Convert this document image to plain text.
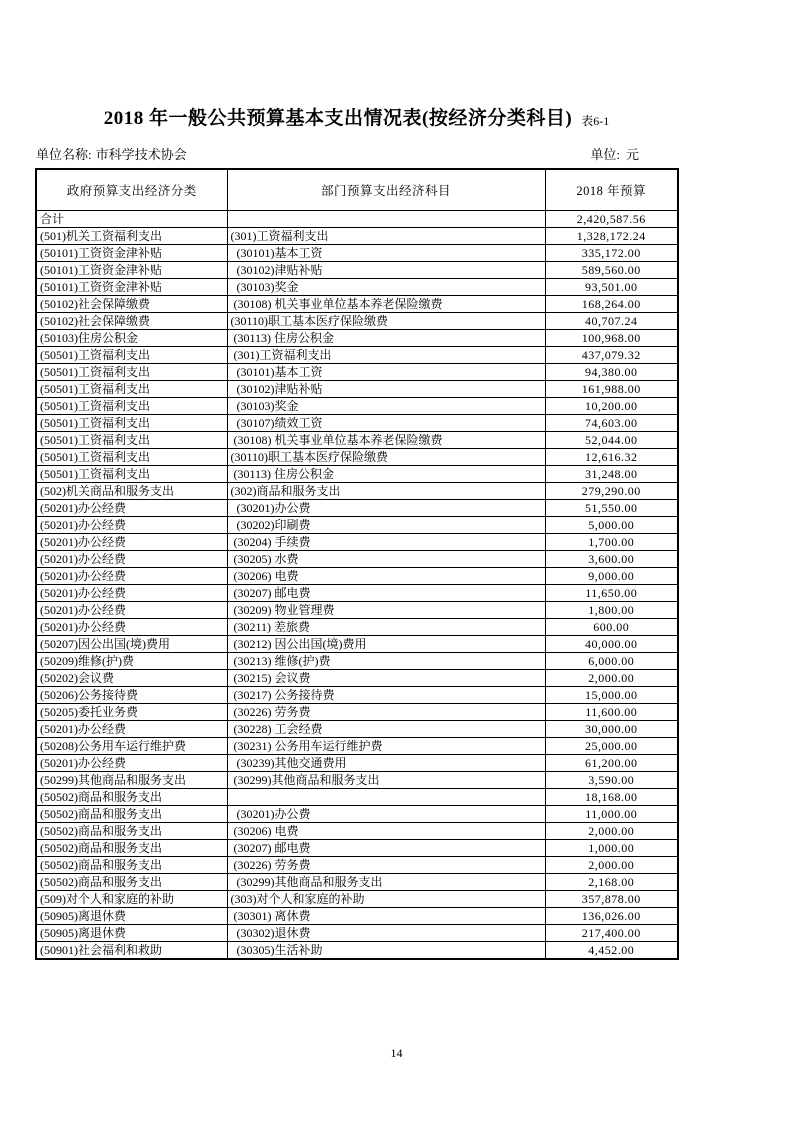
2018 年一般公共预算基本支出情况表(按经济分类科目) 表6-1
单位名称: 市科学技术协会	单位: 元
政府预算支出经济分类	部门预算支出经济科目	2018 年预算
合计		2,420,587.56
(501)机关工资福利支出	(301)工资福利支出	1,328,172.24
(50101)工资资金津补贴	(30101)基本工资	335,172.00
(50101)工资资金津补贴	(30102)津贴补贴	589,560.00
(50101)工资资金津补贴	(30103)奖金	93,501.00
(50102)社会保障缴费	(30108) 机关事业单位基本养老保险缴费	168,264.00
(50102)社会保障缴费	(30110)职工基本医疗保险缴费	40,707.24
(50103)住房公积金	(30113) 住房公积金	100,968.00
(50501)工资福利支出	(301)工资福利支出	437,079.32
(50501)工资福利支出	(30101)基本工资	94,380.00
(50501)工资福利支出	(30102)津贴补贴	161,988.00
(50501)工资福利支出	(30103)奖金	10,200.00
(50501)工资福利支出	(30107)绩效工资	74,603.00
(50501)工资福利支出	(30108) 机关事业单位基本养老保险缴费	52,044.00
(50501)工资福利支出	(30110)职工基本医疗保险缴费	12,616.32
(50501)工资福利支出	(30113) 住房公积金	31,248.00
(502)机关商品和服务支出	(302)商品和服务支出	279,290.00
(50201)办公经费	(30201)办公费	51,550.00
(50201)办公经费	(30202)印刷费	5,000.00
(50201)办公经费	(30204) 手续费	1,700.00
(50201)办公经费	(30205) 水费	3,600.00
(50201)办公经费	(30206) 电费	9,000.00
(50201)办公经费	(30207) 邮电费	11,650.00
(50201)办公经费	(30209) 物业管理费	1,800.00
(50201)办公经费	(30211) 差旅费	600.00
(50207)因公出国(境)费用	(30212) 因公出国(境)费用	40,000.00
(50209)维修(护)费	(30213) 维修(护)费	6,000.00
(50202)会议费	(30215) 会议费	2,000.00
(50206)公务接待费	(30217) 公务接待费	15,000.00
(50205)委托业务费	(30226) 劳务费	11,600.00
(50201)办公经费	(30228) 工会经费	30,000.00
(50208)公务用车运行维护费	(30231) 公务用车运行维护费	25,000.00
(50201)办公经费	(30239)其他交通费用	61,200.00
(50299)其他商品和服务支出	(30299)其他商品和服务支出	3,590.00
(50502)商品和服务支出		18,168.00
(50502)商品和服务支出	(30201)办公费	11,000.00
(50502)商品和服务支出	(30206) 电费	2,000.00
(50502)商品和服务支出	(30207) 邮电费	1,000.00
(50502)商品和服务支出	(30226) 劳务费	2,000.00
(50502)商品和服务支出	(30299)其他商品和服务支出	2,168.00
(509)对个人和家庭的补助	(303)对个人和家庭的补助	357,878.00
(50905)离退休费	(30301) 离休费	136,026.00
(50905)离退休费	(30302)退休费	217,400.00
(50901)社会福利和救助	(30305)生活补助	4,452.00
14
